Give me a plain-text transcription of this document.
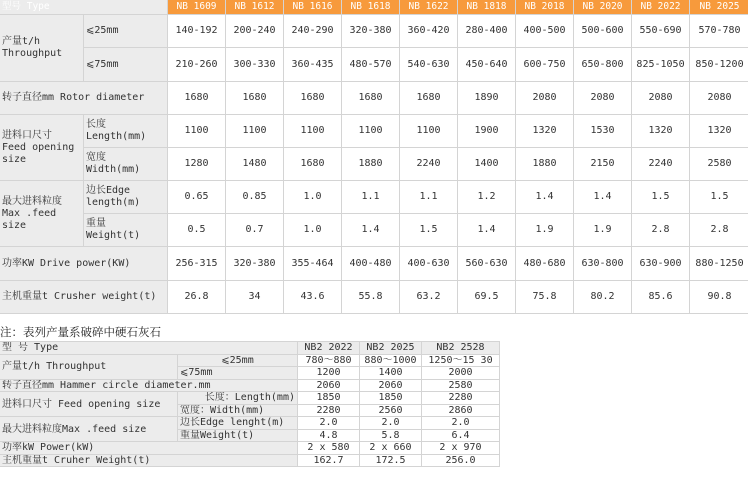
型号 Type		NB 1609	NB 1612	NB 1616	NB 1618	NB 1622	NB 1818	NB 2018	NB 2020	NB 2022	NB 2025
产量t/h Throughput	⩽25mm	140-192	200-240	240-290	320-380	360-420	280-400	400-500	500-600	550-690	570-780
	⩽75mm	210-260	300-330	360-435	480-570	540-630	450-640	600-750	650-800	825-1050	850-1200
转子直径mm Rotor diameter		1680	1680	1680	1680	1680	1890	2080	2080	2080	2080
进料口尺寸 Feed opening size	长度 Length(mm)	1100	1100	1100	1100	1100	1900	1320	1530	1320	1320
	宽度 Width(mm)	1280	1480	1680	1880	2240	1400	1880	2150	2240	2580
最大进料粒度 Max .feed size	边长Edge length(m)	0.65	0.85	1.0	1.1	1.1	1.2	1.4	1.4	1.5	1.5
	重量 Weight(t)	0.5	0.7	1.0	1.4	1.5	1.4	1.9	1.9	2.8	2.8
功率KW Drive power(KW)		256-315	320-380	355-464	400-480	400-630	560-630	480-680	630-800	630-900	880-1250
主机重量t Crusher weight(t)		26.8	34	43.6	55.8	63.2	69.5	75.8	80.2	85.6	90.8
注：表列产量系破碎中硬石灰石
型 号 Type		NB2 2022	NB2 2025	NB2 2528
产量t/h Throughput	⩽25mm	780～880	880～1000	1250～15 30
	⩽75mm	1200	1400	2000
转子直径mm Hammer circle diameter.mm		2060	2060	2580
进料口尺寸 Feed opening size	长度：Length(mm)	1850	1850	2280
	宽度：Width(mm)	2280	2560	2860
最大进料粒度Max .feed size	边长Edge lenght(m)	2.0	2.0	2.0
	重量Weight(t)	4.8	5.8	6.4
功率kW Power(kW)		2 x 580	2 x 660	2 x 970
主机重量t Cruher Weight(t)		162.7	172.5	256.0
